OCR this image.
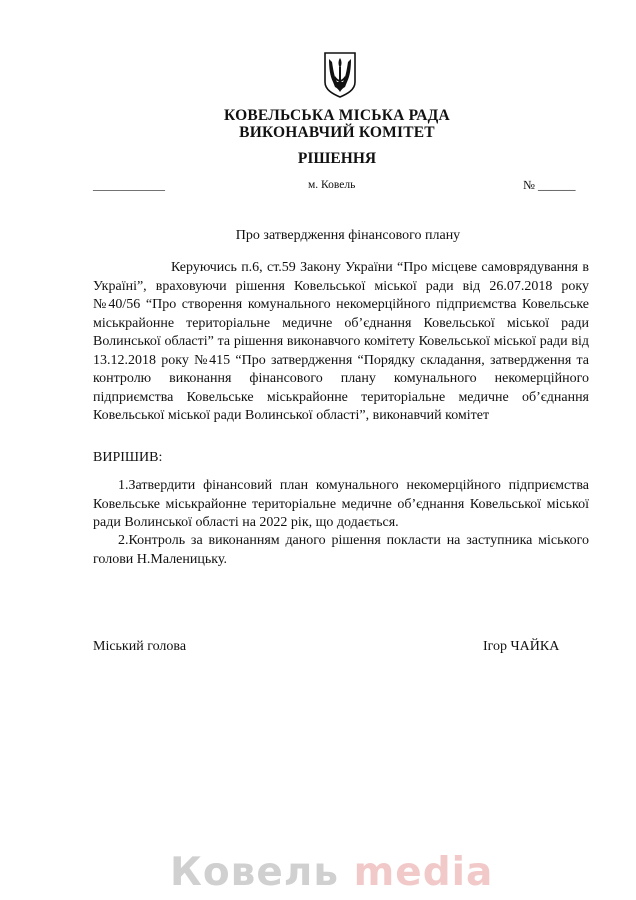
КОВЕЛЬСЬКА МІСЬКА РАДА
ВИКОНАВЧИЙ КОМІТЕТ
РІШЕННЯ
____________	м. Ковель	№ ______
Про затвердження фінансового плану

Керуючись п.6, ст.59 Закону України “Про місцеве самоврядування в Україні”, враховуючи рішення Ковельської міської ради від 26.07.2018 року №40/56 “Про створення комунального некомерційного підприємства Ковельське міськрайонне територіальне медичне об’єднання Ковельської міської ради Волинської області” та рішення виконавчого комітету Ковельської міської ради від 13.12.2018 року №415 “Про затвердження “Порядку складання, затвердження та контролю виконання фінансового плану комунального некомерційного підприємства Ковельське міськрайонне територіальне медичне об’єднання Ковельської міської ради Волинської області”, виконавчий комітет

ВИРІШИВ:

1.Затвердити фінансовий план комунального некомерційного підприємства Ковельське міськрайонне територіальне медичне об’єднання Ковельської міської ради Волинської області на 2022 рік, що додається.

2.Контроль за виконанням даного рішення покласти на заступника міського голови Н.Маленицьку.

Міський голова	Ігор ЧАЙКА
Ковель media
